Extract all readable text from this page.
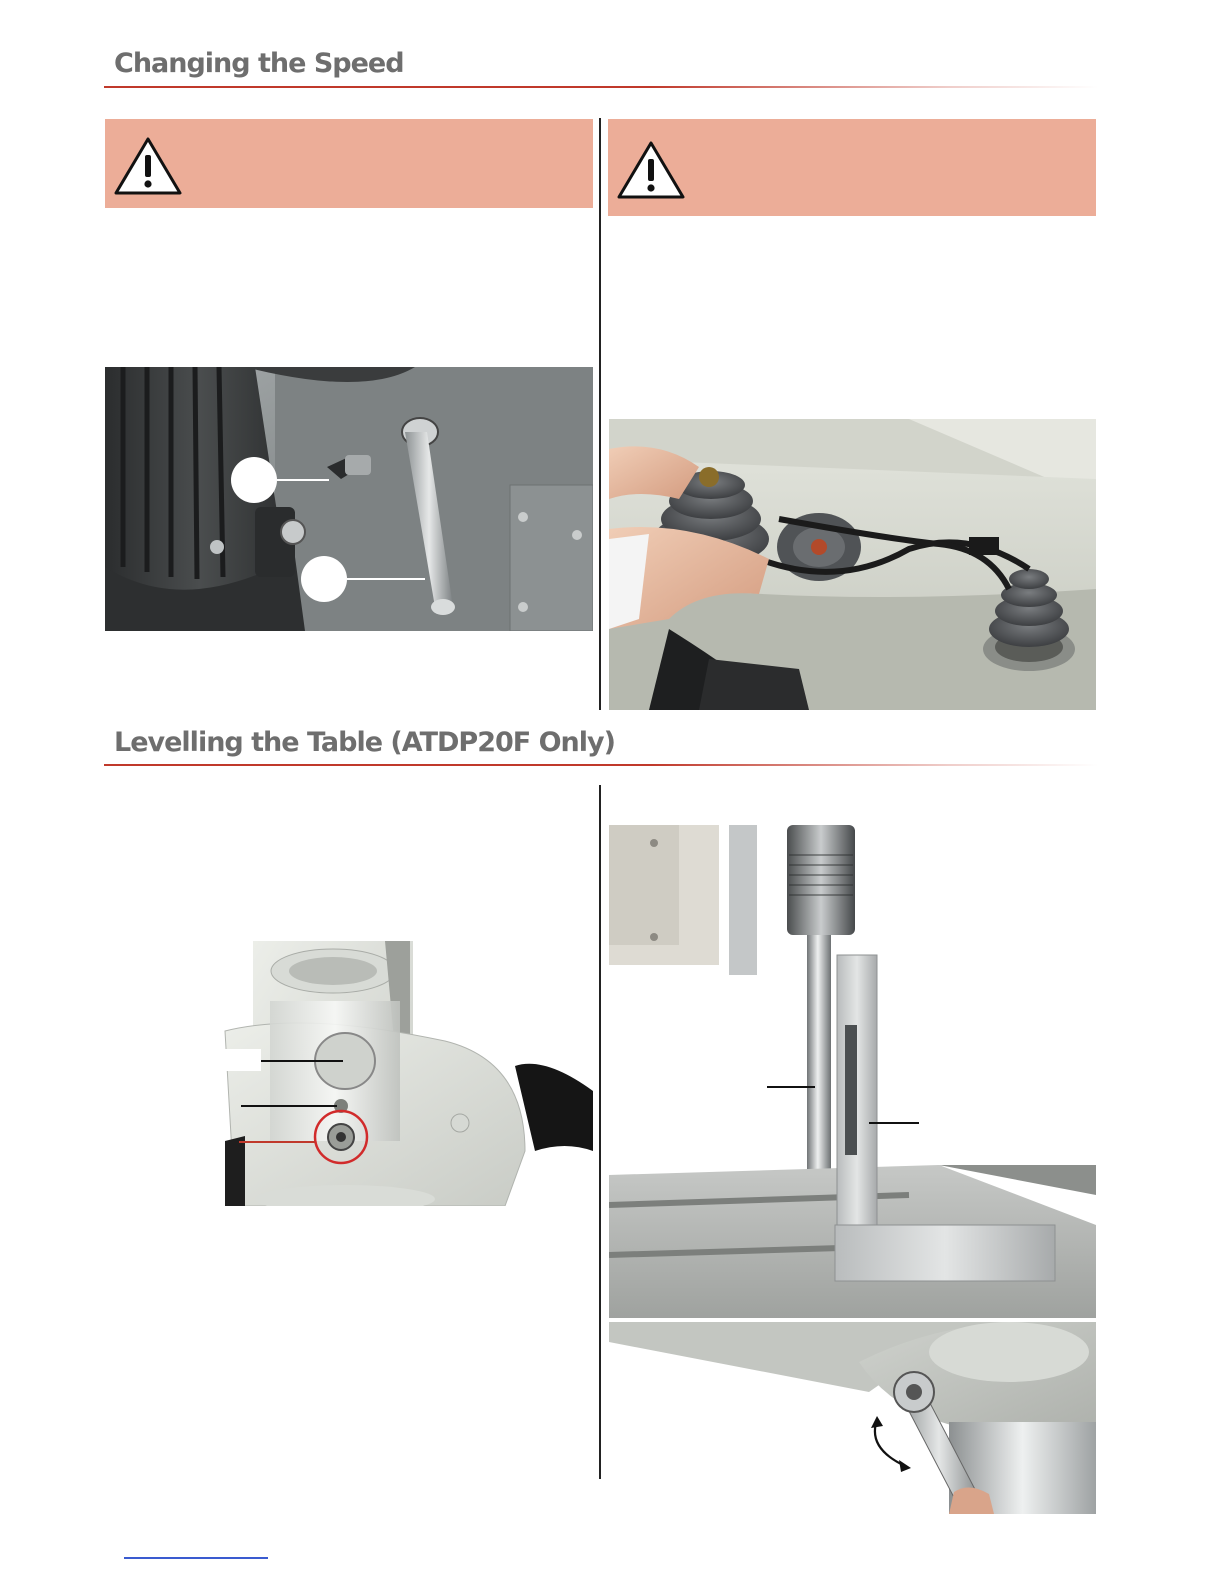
Changing the Speed
Levelling the Table (ATDP20F Only)
